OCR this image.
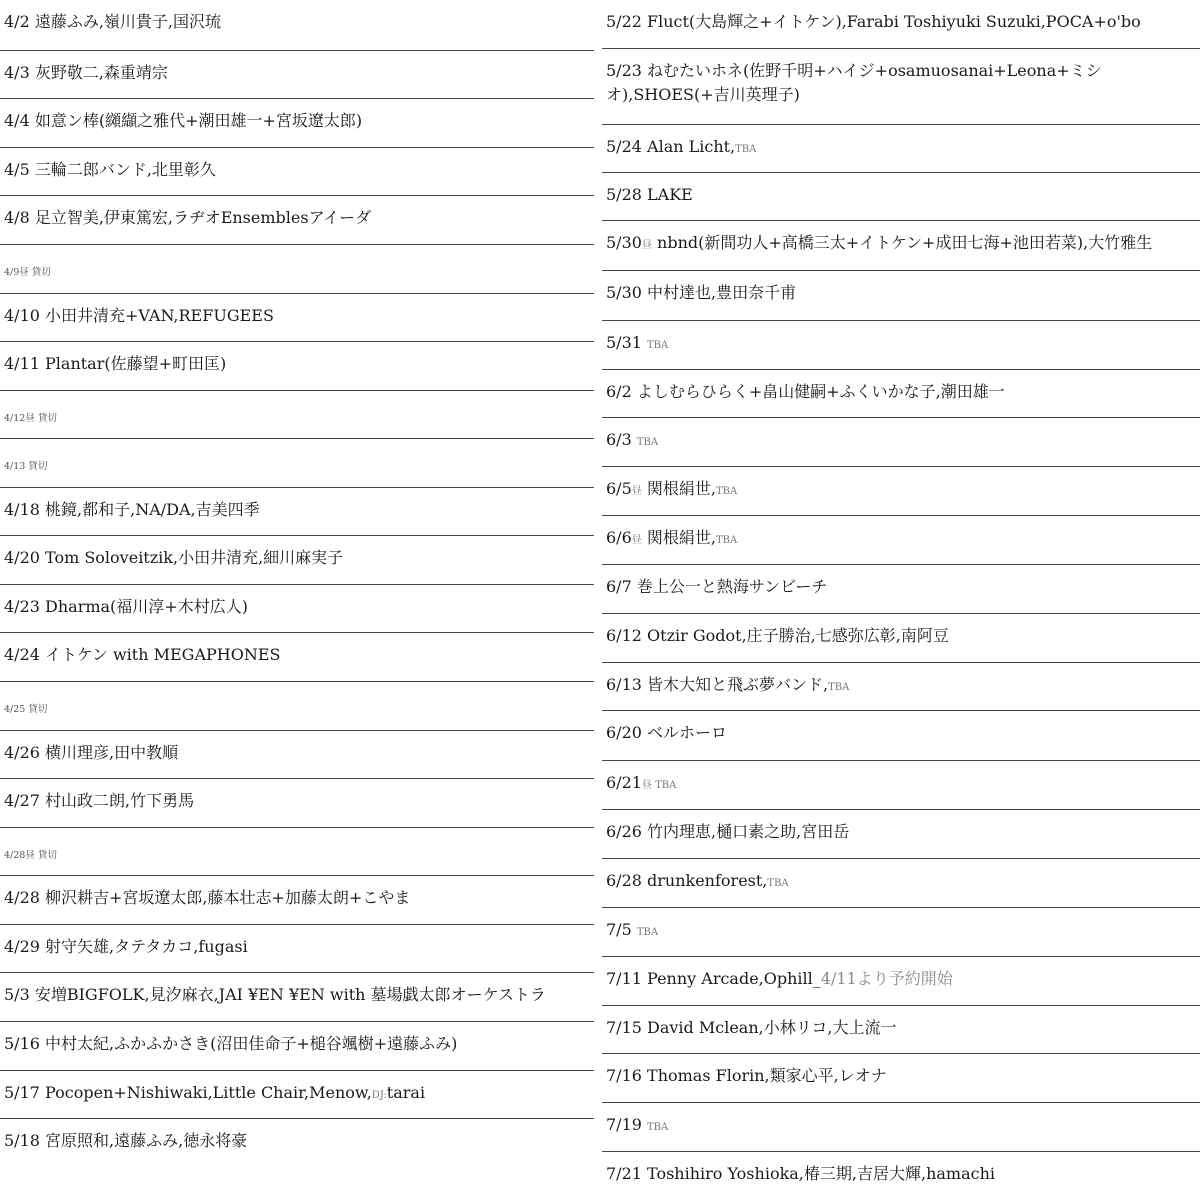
4/2 遠藤ふみ,嶺川貴子,国沢琉
4/3 灰野敬二,森重靖宗
4/4 如意ン棒(纐纈之雅代+潮田雄一+宮坂遼太郎)
4/5 三輪二郎バンド,北里彰久
4/8 足立智美,伊東篤宏,ラヂオEnsemblesアイーダ
4/9昼 貸切
4/10 小田井清充+VAN,REFUGEES
4/11 Plantar(佐藤望+町田匡)
4/12昼 貸切
4/13 貸切
4/18 桃鏡,都和子,NA/DA,吉美四季
4/20 Tom Soloveitzik,小田井清充,細川麻実子
4/23 Dharma(福川淳+木村広人)
4/24 イトケン with MEGAPHONES
4/25 貸切
4/26 横川理彦,田中教順
4/27 村山政二朗,竹下勇馬
4/28昼 貸切
4/28 柳沢耕吉+宮坂遼太郎,藤本壮志+加藤太朗+こやま
4/29 射守矢雄,タテタカコ,fugasi
5/3 安増BIGFOLK,見汐麻衣,JAI ¥EN ¥EN with 墓場戯太郎オーケストラ
5/16 中村太紀,ふかふかさき(沼田佳命子+槌谷颯樹+遠藤ふみ)
5/17 Pocopen+Nishiwaki,Little Chair,Menow,DJ:tarai
5/18 宮原照和,遠藤ふみ,徳永将豪
5/22 Fluct(大島輝之+イトケン),Farabi Toshiyuki Suzuki,POCA+o'bo
5/23 ねむたいホネ(佐野千明+ハイジ+osamuosanai+Leona+ミシオ),SHOES(+吉川英理子)
5/24 Alan Licht,TBA
5/28 LAKE
5/30昼 nbnd(新間功人+高橋三太+イトケン+成田七海+池田若菜),大竹雅生
5/30 中村達也,豊田奈千甫
5/31 TBA
6/2 よしむらひらく+畠山健嗣+ふくいかな子,潮田雄一
6/3 TBA
6/5昼 関根絹世,TBA
6/6昼 関根絹世,TBA
6/7 巻上公一と熱海サンビーチ
6/12 Otzir Godot,庄子勝治,七感弥広彰,南阿豆
6/13 皆木大知と飛ぶ夢バンド,TBA
6/20 ベルホーロ
6/21昼 TBA
6/26 竹内理恵,樋口素之助,宮田岳
6/28 drunkenforest,TBA
7/5 TBA
7/11 Penny Arcade,Ophill_4/11より予約開始
7/15 David Mclean,小林リコ,大上流一
7/16 Thomas Florin,類家心平,レオナ
7/19 TBA
7/21 Toshihiro Yoshioka,椿三期,吉居大輝,hamachi
